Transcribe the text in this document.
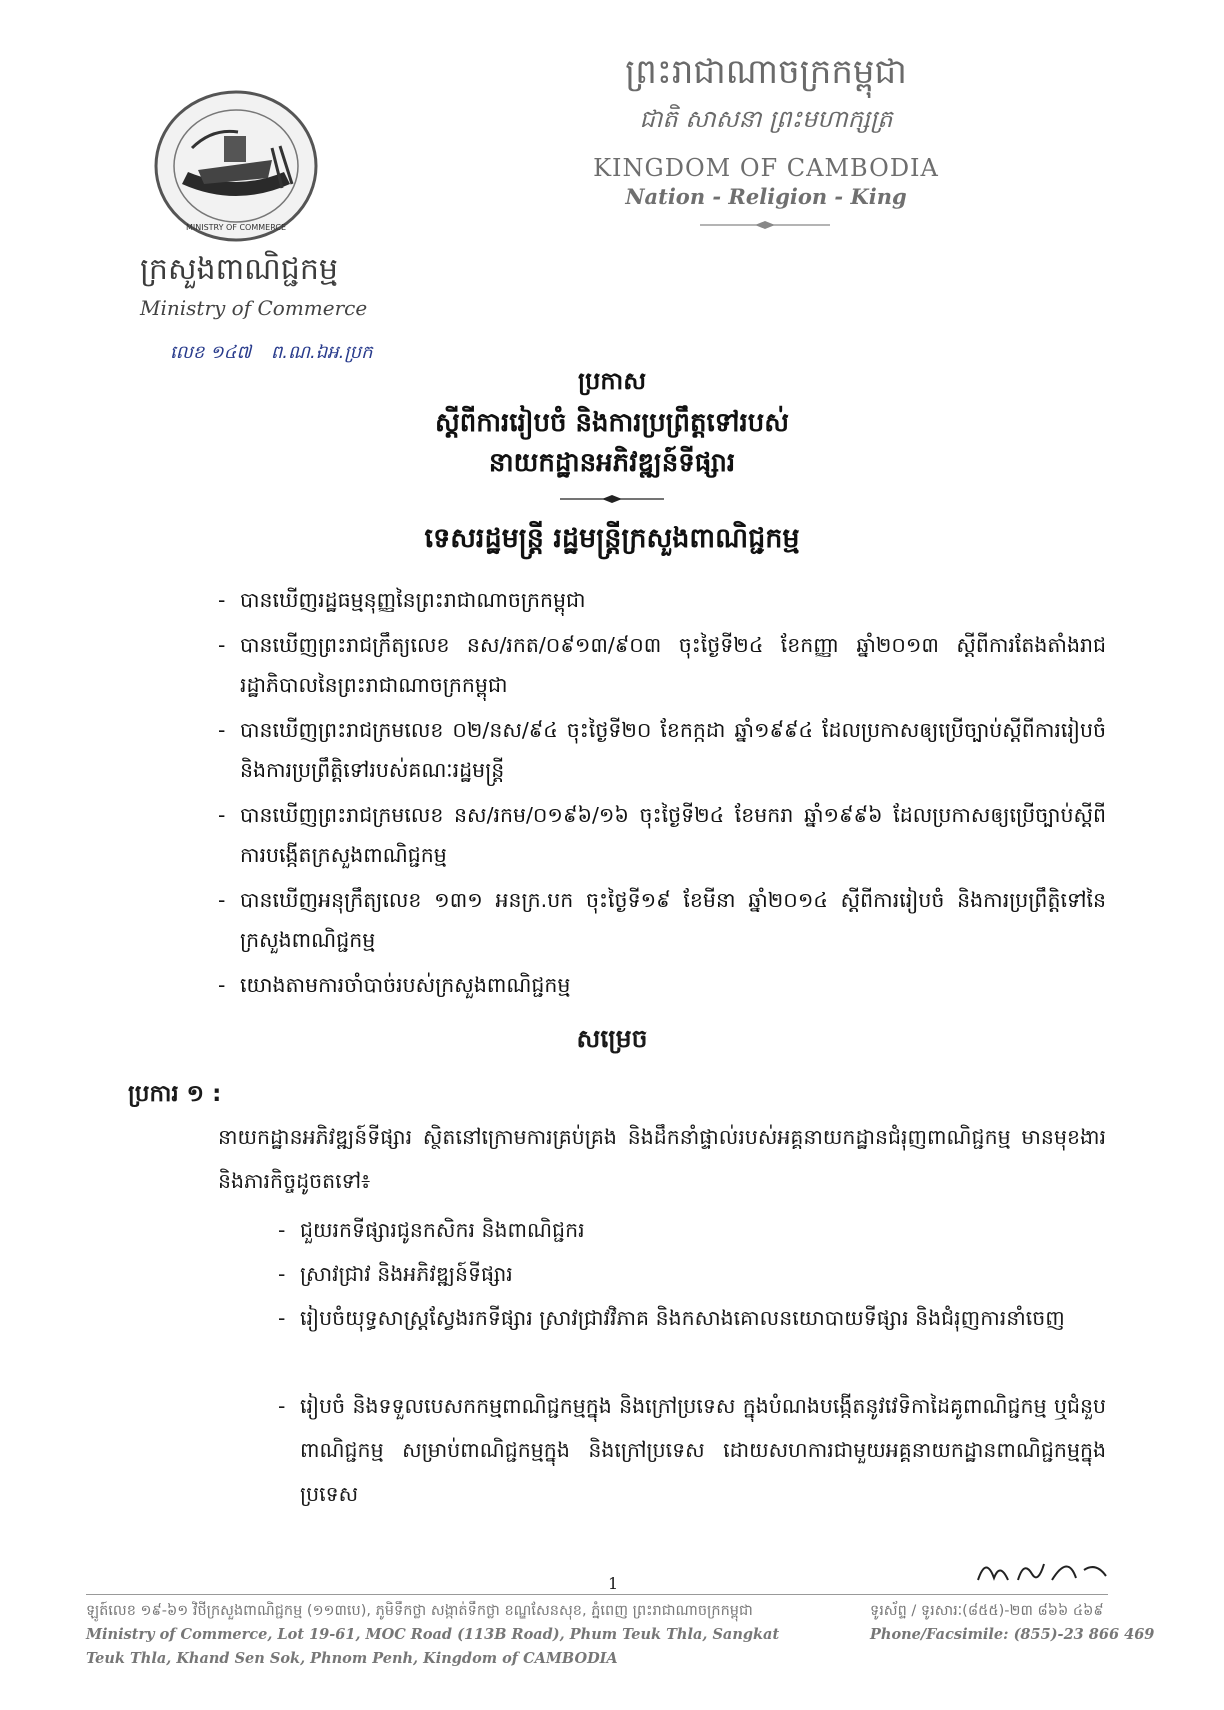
MINISTRY OF COMMERCE
ក្រសួងពាណិជ្ជកម្ម
Ministry of Commerce
លេខ ១៤៧ ព.ណ.ឯអ.ប្រក
ព្រះរាជាណាចក្រកម្ពុជា
ជាតិ សាសនា ព្រះមហាក្សត្រ
KINGDOM OF CAMBODIA
Nation - Religion - King
ប្រកាស
ស្តីពីការរៀបចំ និងការប្រព្រឹត្តទៅរបស់
នាយកដ្ឋានអភិវឌ្ឍន៍ទីផ្សារ
ទេសរដ្ឋមន្ត្រី រដ្ឋមន្ត្រីក្រសួងពាណិជ្ជកម្ម
- បានឃើញរដ្ឋធម្មនុញ្ញនៃព្រះរាជាណាចក្រកម្ពុជា
- បានឃើញព្រះរាជក្រឹត្យលេខ នស/រកត/០៩១៣/៩០៣ ចុះថ្ងៃទី២៤ ខែកញ្ញា ឆ្នាំ២០១៣ ស្តីពីការតែងតាំងរាជរដ្ឋាភិបាលនៃព្រះរាជាណាចក្រកម្ពុជា
- បានឃើញព្រះរាជក្រមលេខ ០២/នស/៩៤ ចុះថ្ងៃទី២០ ខែកក្កដា ឆ្នាំ១៩៩៤ ដែលប្រកាសឲ្យប្រើច្បាប់ស្តីពីការរៀបចំ និងការប្រព្រឹត្តិទៅរបស់គណៈរដ្ឋមន្ត្រី
- បានឃើញព្រះរាជក្រមលេខ នស/រកម/០១៩៦/១៦ ចុះថ្ងៃទី២៤ ខែមករា ឆ្នាំ១៩៩៦ ដែលប្រកាសឲ្យប្រើច្បាប់ស្តីពីការបង្កើតក្រសួងពាណិជ្ជកម្ម
- បានឃើញអនុក្រឹត្យលេខ ១៣១ អនក្រ.បក ចុះថ្ងៃទី១៩ ខែមីនា ឆ្នាំ២០១៤ ស្តីពីការរៀបចំ និងការប្រព្រឹត្តិទៅនៃក្រសួងពាណិជ្ជកម្ម
- យោងតាមការចាំបាច់របស់ក្រសួងពាណិជ្ជកម្ម
សម្រេច
ប្រការ ១ :
នាយកដ្ឋានអភិវឌ្ឍន៍ទីផ្សារ ស្ថិតនៅក្រោមការគ្រប់គ្រង និងដឹកនាំផ្ទាល់របស់អគ្គនាយកដ្ឋានជំរុញពាណិជ្ជកម្ម មានមុខងារ និងភារកិច្ចដូចតទៅ៖
- ជួយរកទីផ្សារជូនកសិករ និងពាណិជ្ជករ
- ស្រាវជ្រាវ និងអភិវឌ្ឍន៍ទីផ្សារ
- រៀបចំយុទ្ធសាស្ត្រស្វែងរកទីផ្សារ ស្រាវជ្រាវវិភាគ និងកសាងគោលនយោបាយទីផ្សារ និងជំរុញការនាំចេញ
- រៀបចំ និងទទួលបេសកកម្មពាណិជ្ជកម្មក្នុង និងក្រៅប្រទេស ក្នុងបំណងបង្កើតនូវវេទិកាដៃគូពាណិជ្ជកម្ម ឬជំនួបពាណិជ្ជកម្ម សម្រាប់ពាណិជ្ជកម្មក្នុង និងក្រៅប្រទេស ដោយសហការជាមួយអគ្គនាយកដ្ឋានពាណិជ្ជកម្មក្នុងប្រទេស
1
ឡូត៍លេខ ១៩-៦១ វិថីក្រសួងពាណិជ្ជកម្ម (១១៣បេ), ភូមិទឹកថ្លា សង្កាត់ទឹកថ្លា ខណ្ឌសែនសុខ, ភ្នំពេញ ព្រះរាជាណាចក្រកម្ពុជា
Ministry of Commerce, Lot 19-61, MOC Road (113B Road), Phum Teuk Thla, Sangkat
Teuk Thla, Khand Sen Sok, Phnom Penh, Kingdom of CAMBODIA
ទូរស័ព្ទ / ទូរសារៈ(៨៥៥)-២៣ ៨៦៦ ៤៦៩
Phone/Facsimile: (855)-23 866 469
